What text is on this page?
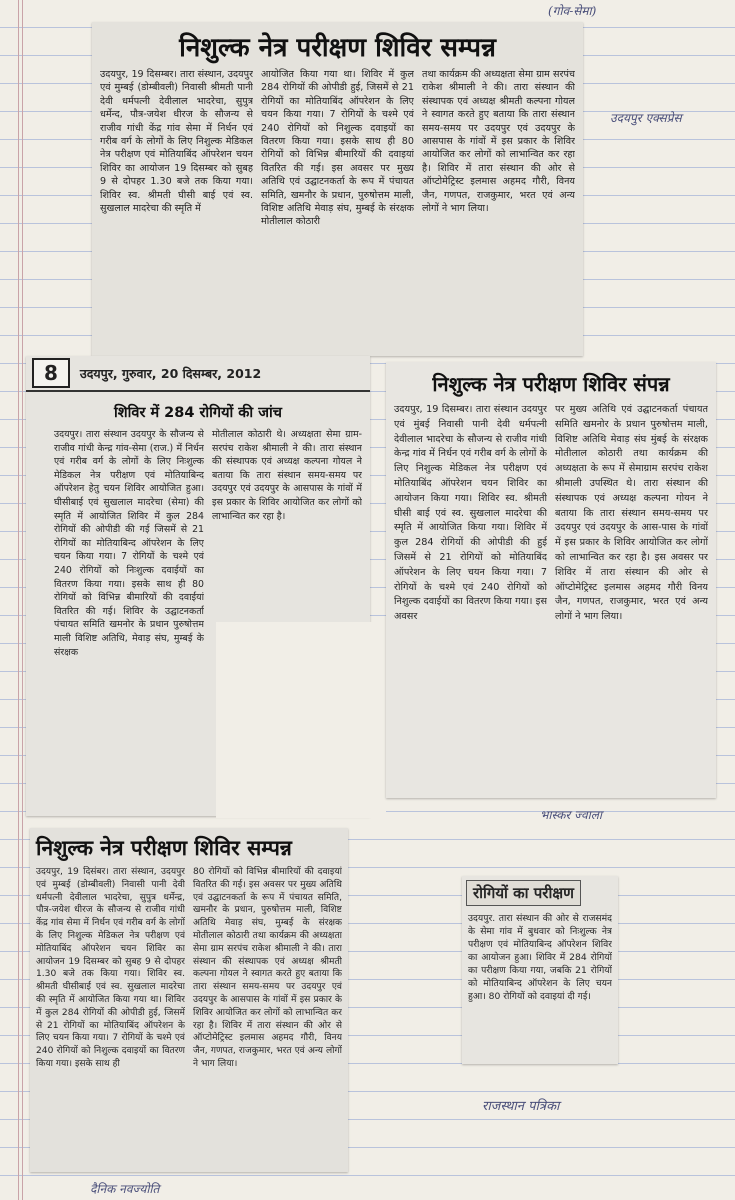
(गोव-सेमा)
उदयपुर एक्सप्रेस
भास्कर ज्वाला
राजस्थान पत्रिका
दैनिक नवज्योति
निशुल्क नेत्र परीक्षण शिविर सम्पन्न
उदयपुर, 19 दिसम्बर। तारा संस्थान, उदयपुर एवं मुम्बई (डोम्बीवली) निवासी श्रीमती पानी देवी धर्मपत्नी देवीलाल भादरेचा, सुपुत्र धर्मेन्द, पौत्र-जयेश धीरज के सौजन्य से राजीव गांधी केंद्र गांव सेमा में निर्धन एवं गरीब वर्ग के लोगों के लिए निशुल्क मेडिकल नेत्र परीक्षण एवं मोतियाबिंद ऑपरेशन चयन शिविर का आयोजन 19 दिसम्बर को सुबह 9 से दोपहर 1.30 बजे तक किया गया। शिविर स्व. श्रीमती घीसी बाई एवं स्व. सुखलाल मादरेचा की स्मृति में
आयोजित किया गया था। शिविर में कुल 284 रोगियों की ओपीडी हुई, जिसमें से 21 रोगियों का मोतियाबिंद ऑपरेशन के लिए चयन किया गया। 7 रोगियों के चश्मे एवं 240 रोगियों को निशुल्क दवाइयों का वितरण किया गया। इसके साथ ही 80 रोगियों को विभिन्न बीमारियों की दवाइयां वितरित की गई। इस अवसर पर मुख्य अतिथि एवं उद्घाटनकर्ता के रूप में पंचायत समिति, खमनौर के प्रधान, पुरुषोत्तम माली, विशिष्ट अतिथि मेवाड़ संघ, मुम्बई के संरक्षक मोतीलाल कोठारी
तथा कार्यक्रम की अध्यक्षता सेमा ग्राम सरपंच राकेश श्रीमाली ने की। तारा संस्थान की संस्थापक एवं अध्यक्ष श्रीमती कल्पना गोयल ने स्वागत करते हुए बताया कि तारा संस्थान समय-समय पर उदयपुर एवं उदयपुर के आसपास के गांवों में इस प्रकार के शिविर आयोजित कर लोगों को लाभान्वित कर रहा है। शिविर में तारा संस्थान की ओर से ऑप्टोमेट्रिस्ट इलमास अहमद गौरी, विनय जैन, गणपत, राजकुमार, भरत एवं अन्य लोगों ने भाग लिया।
8	उदयपुर, गुरुवार, 20 दिसम्बर, 2012
शिविर में 284 रोगियों की जांच
उदयपुर। तारा संस्थान उदयपुर के सौजन्य से राजीव गांधी केन्द्र गांव-सेमा (राज.) में निर्धन एवं गरीब वर्ग के लोगों के लिए निःशुल्क मेडिकल नेत्र परीक्षण एवं मोतियाबिन्द ऑपरेशन हेतु चयन शिविर आयोजित हुआ। घीसीबाई एवं सुखलाल मादरेचा (सेमा) की स्मृति में आयोजित शिविर में कुल 284 रोगियों की ओपीडी की गई जिसमें से 21 रोगियों का मोतियाबिन्द ऑपरेशन के लिए चयन किया गया। 7 रोगियों के चश्मे एवं 240 रोगियों को निःशुल्क दवाईयों का वितरण किया गया। इसके साथ ही 80 रोगियों को विभिन्न बीमारियों की दवाईयां वितरित की गई। शिविर के उद्घाटनकर्ता पंचायत समिति खमनोर के प्रधान पुरुषोत्तम माली विशिष्ट अतिथि, मेवाड़ संघ, मुम्बई के संरक्षक
मोतीलाल कोठारी थे। अध्यक्षता सेमा ग्राम-सरपंच राकेश श्रीमाली ने की। तारा संस्थान की संस्थापक एवं अध्यक्ष कल्पना गोयल ने बताया कि तारा संस्थान समय-समय पर उदयपुर एवं उदयपुर के आसपास के गांवों में इस प्रकार के शिविर आयोजित कर लोगों को लाभान्वित कर रहा है।
निशुल्क नेत्र परीक्षण शिविर संपन्न
उदयपुर, 19 दिसम्बर। तारा संस्थान उदयपुर एवं मुंबई निवासी पानी देवी धर्मपत्नी देवीलाल भादरेचा के सौजन्य से राजीव गांधी केन्द्र गांव में निर्धन एवं गरीब वर्ग के लोगों के लिए निशुल्क मेडिकल नेत्र परीक्षण एवं मोतियाबिंद ऑपरेशन चयन शिविर का आयोजन किया गया। शिविर स्व. श्रीमती घीसी बाई एवं स्व. सुखलाल मादरेचा की स्मृति में आयोजित किया गया। शिविर में कुल 284 रोगियों की ओपीडी की हुई जिसमें से 21 रोगियों को मोतियाबिंद ऑपरेशन के लिए चयन किया गया। 7 रोगियों के चश्मे एवं 240 रोगियों को निशुल्क दवाईयों का वितरण किया गया। इस अवसर
पर मुख्य अतिथि एवं उद्घाटनकर्ता पंचायत समिति खमनोर के प्रधान पुरुषोत्तम माली, विशिष्ट अतिथि मेवाड़ संघ मुंबई के संरक्षक मोतीलाल कोठारी तथा कार्यक्रम की अध्यक्षता के रूप में सेमाग्राम सरपंच राकेश श्रीमाली उपस्थित थे। तारा संस्थान की संस्थापक एवं अध्यक्ष कल्पना गोयन ने बताया कि तारा संस्थान समय-समय पर उदयपुर एवं उदयपुर के आस-पास के गांवों में इस प्रकार के शिविर आयोजित कर लोगों को लाभान्वित कर रहा है। इस अवसर पर शिविर में तारा संस्थान की ओर से ऑप्टोमेट्रिस्ट इलमास अहमद गौरी विनय जैन, गणपत, राजकुमार, भरत एवं अन्य लोगों ने भाग लिया।
निशुल्क नेत्र परीक्षण शिविर सम्पन्न
उदयपुर, 19 दिसंबर। तारा संस्थान, उदयपुर एवं मुम्बई (डोम्बीवली) निवासी पानी देवी धर्मपत्नी देवीलाल भादरेचा, सुपुत्र धर्मेन्द्र, पौत्र-जयेश धीरज के सौजन्य से राजीव गांधी केंद्र गांव सेमा में निर्धन एवं गरीब वर्ग के लोगों के लिए निशुल्क मेडिकल नेत्र परीक्षण एवं मोतियाबिंद ऑपरेशन चयन शिविर का आयोजन 19 दिसम्बर को सुबह 9 से दोपहर 1.30 बजे तक किया गया। शिविर स्व. श्रीमती घीसीबाई एवं स्व. सुखलाल मादरेचा की स्मृति में आयोजित किया गया था। शिविर में कुल 284 रोगियों की ओपीडी हुई, जिसमें से 21 रोगियों का मोतियाबिंद ऑपरेशन के लिए चयन किया गया। 7 रोगियों के चश्मे एवं 240 रोगियों को निशुल्क दवाइयों का वितरण किया गया। इसके साथ ही
80 रोगियों को विभिन्न बीमारियों की दवाइयां वितरित की गई। इस अवसर पर मुख्य अतिथि एवं उद्घाटनकर्ता के रूप में पंचायत समिति, खमनौर के प्रधान, पुरुषोत्तम माली, विशिष्ट अतिथि मेवाड़ संघ, मुम्बई के संरक्षक मोतीलाल कोठारी तथा कार्यक्रम की अध्यक्षता सेमा ग्राम सरपंच राकेश श्रीमाली ने की। तारा संस्थान की संस्थापक एवं अध्यक्ष श्रीमती कल्पना गोयल ने स्वागत करते हुए बताया कि तारा संस्थान समय-समय पर उदयपुर एवं उदयपुर के आसपास के गांवों में इस प्रकार के शिविर आयोजित कर लोगों को लाभान्वित कर रहा है। शिविर में तारा संस्थान की ओर से ऑप्टोमेट्रिस्ट इलमास अहमद गौरी, विनय जैन, गणपत, राजकुमार, भरत एवं अन्य लोगों ने भाग लिया।
रोगियों का परीक्षण
उदयपुर. तारा संस्थान की ओर से राजसमंद के सेमा गांव में बुधवार को निःशुल्क नेत्र परीक्षण एवं मोतियाबिन्द ऑपरेशन शिविर का आयोजन हुआ। शिविर में 284 रोगियों का परीक्षण किया गया, जबकि 21 रोगियों को मोतियाबिन्द ऑपरेशन के लिए चयन हुआ। 80 रोगियों को दवाइयां दी गई।
